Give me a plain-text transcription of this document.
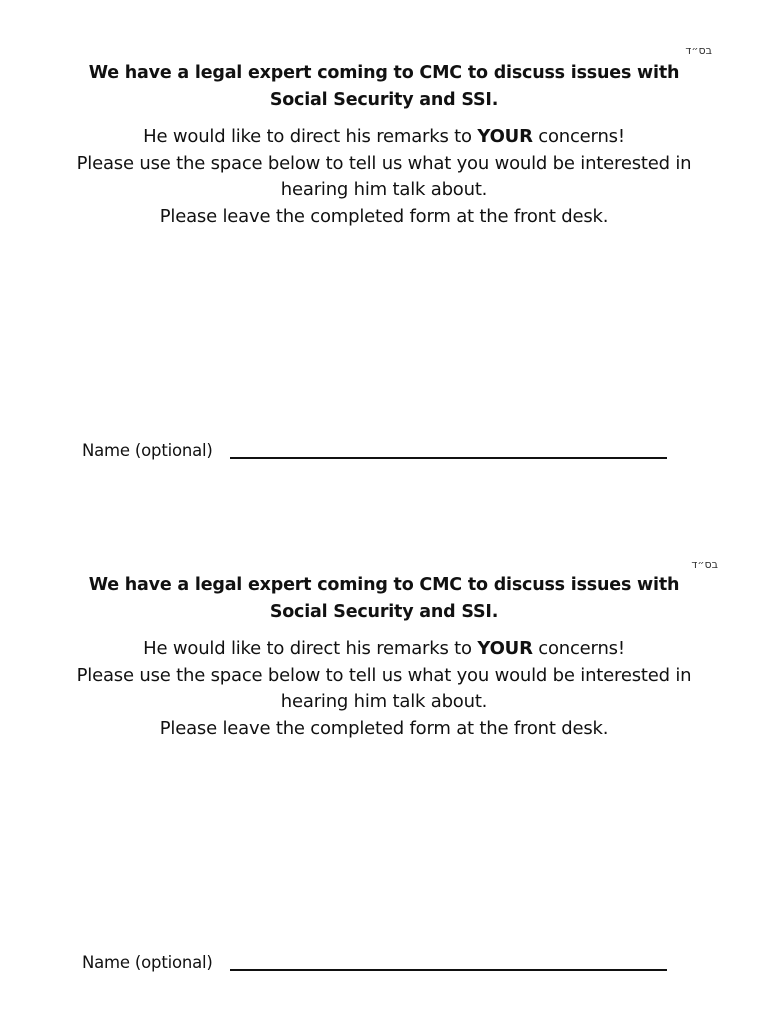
בס״ד
We have a legal expert coming to CMC to discuss issues with
Social Security and SSI.
He would like to direct his remarks to YOUR concerns!
Please use the space below to tell us what you would be interested in
hearing him talk about.
Please leave the completed form at the front desk.
Name (optional)
בס״ד
We have a legal expert coming to CMC to discuss issues with
Social Security and SSI.
He would like to direct his remarks to YOUR concerns!
Please use the space below to tell us what you would be interested in
hearing him talk about.
Please leave the completed form at the front desk.
Name (optional)
